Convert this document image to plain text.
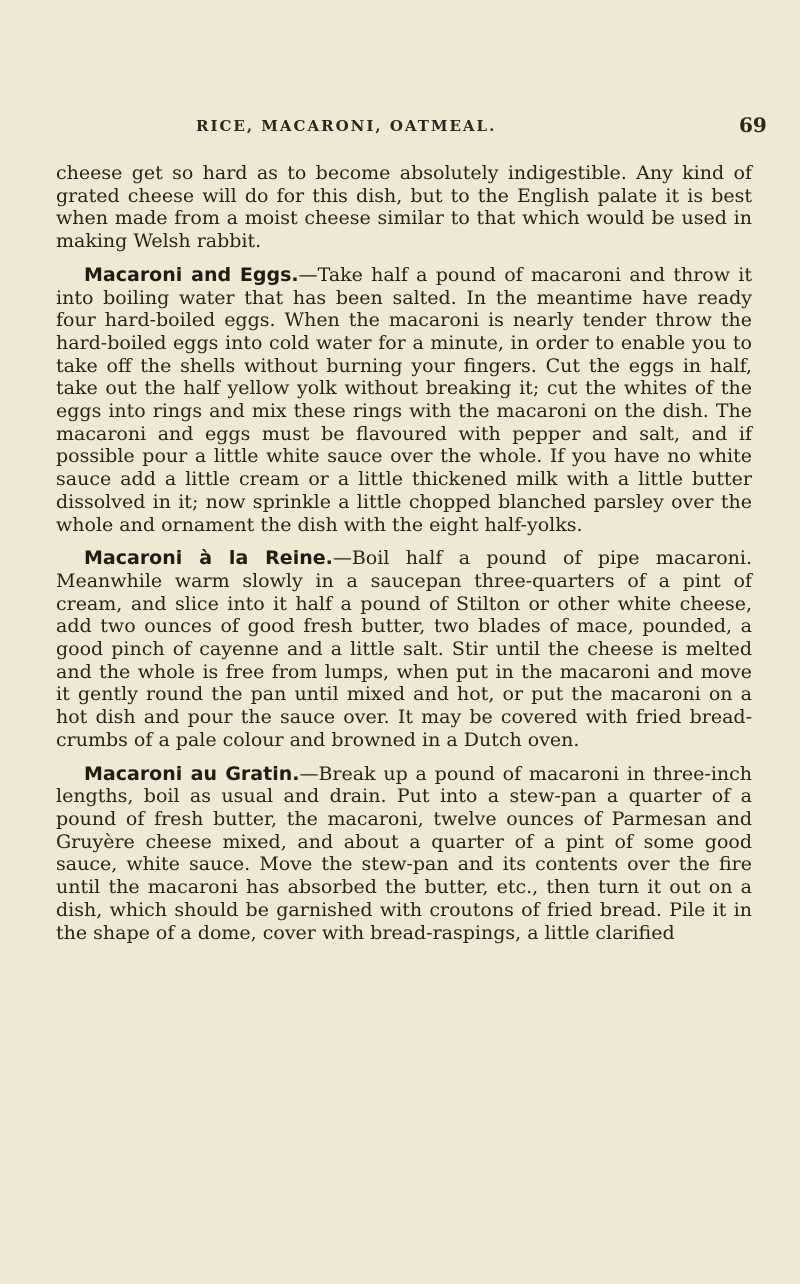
RICE, MACARONI, OATMEAL.	69

cheese get so hard as to become absolutely indigestible. Any kind of grated cheese will do for this dish, but to the English palate it is best when made from a moist cheese similar to that which would be used in making Welsh rabbit.

Macaroni and Eggs.—Take half a pound of macaroni and throw it into boiling water that has been salted. In the meantime have ready four hard-boiled eggs. When the macaroni is nearly tender throw the hard-boiled eggs into cold water for a minute, in order to enable you to take off the shells without burning your fingers. Cut the eggs in half, take out the half yellow yolk without breaking it; cut the whites of the eggs into rings and mix these rings with the macaroni on the dish. The macaroni and eggs must be flavoured with pepper and salt, and if possible pour a little white sauce over the whole. If you have no white sauce add a little cream or a little thickened milk with a little butter dissolved in it; now sprinkle a little chopped blanched parsley over the whole and ornament the dish with the eight half-yolks.

Macaroni à la Reine.—Boil half a pound of pipe macaroni. Meanwhile warm slowly in a saucepan three-quarters of a pint of cream, and slice into it half a pound of Stilton or other white cheese, add two ounces of good fresh butter, two blades of mace, pounded, a good pinch of cayenne and a little salt. Stir until the cheese is melted and the whole is free from lumps, when put in the macaroni and move it gently round the pan until mixed and hot, or put the macaroni on a hot dish and pour the sauce over. It may be covered with fried bread-crumbs of a pale colour and browned in a Dutch oven.

Macaroni au Gratin.—Break up a pound of macaroni in three-inch lengths, boil as usual and drain. Put into a stew-pan a quarter of a pound of fresh butter, the macaroni, twelve ounces of Parmesan and Gruyère cheese mixed, and about a quarter of a pint of some good sauce, white sauce. Move the stew-pan and its contents over the fire until the macaroni has absorbed the butter, etc., then turn it out on a dish, which should be garnished with croutons of fried bread. Pile it in the shape of a dome, cover with bread-raspings, a little clarified
